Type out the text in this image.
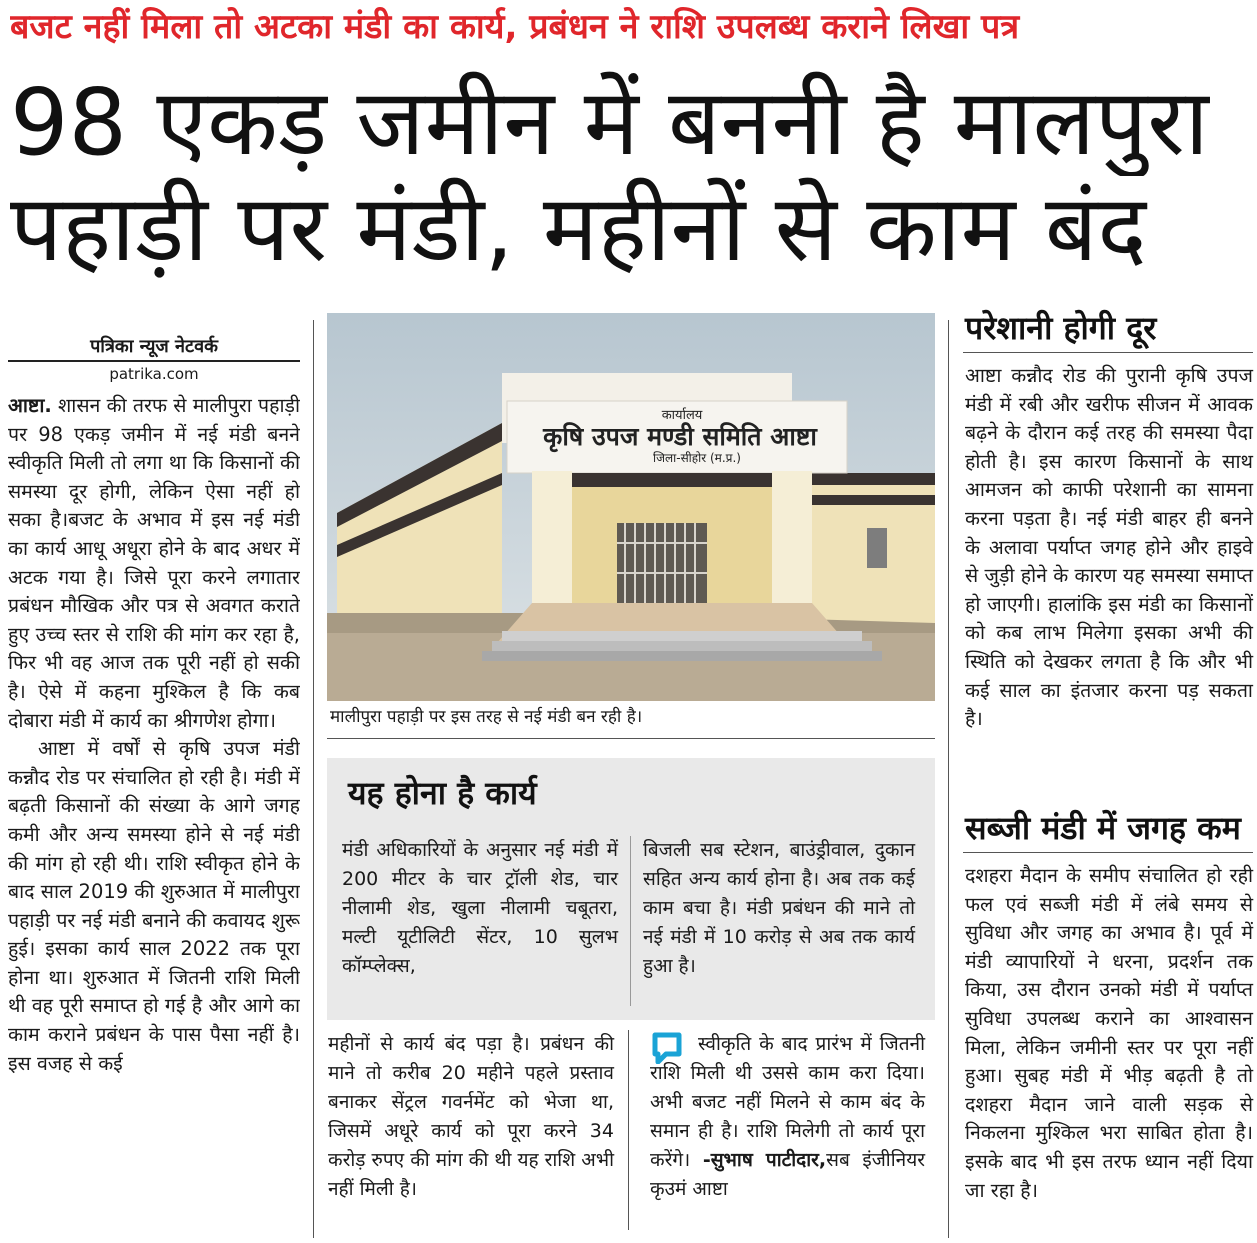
बजट नहीं मिला तो अटका मंडी का कार्य, प्रबंधन ने राशि उपलब्ध कराने लिखा पत्र
98 एकड़ जमीन में बननी है मालपुरा
पहाड़ी पर मंडी, महीनों से काम बंद
पत्रिका न्यूज नेटवर्क
patrika.com

आष्टा. शासन की तरफ से मालीपुरा पहाड़ी पर 98 एकड़ जमीन में नई मंडी बनने स्वीकृति मिली तो लगा था कि किसानों की समस्या दूर होगी, लेकिन ऐसा नहीं हो सका है।बजट के अभाव में इस नई मंडी का कार्य आधू अधूरा होने के बाद अधर में अटक गया है। जिसे पूरा करने लगातार प्रबंधन मौखिक और पत्र से अवगत कराते हुए उच्च स्तर से राशि की मांग कर रहा है, फिर भी वह आज तक पूरी नहीं हो सकी है। ऐसे में कहना मुश्किल है कि कब दोबारा मंडी में कार्य का श्रीगणेश होगा।

आष्टा में वर्षों से कृषि उपज मंडी कन्नौद रोड पर संचालित हो रही है। मंडी में बढ़ती किसानों की संख्या के आगे जगह कमी और अन्य समस्या होने से नई मंडी की मांग हो रही थी। राशि स्वीकृत होने के बाद साल 2019 की शुरुआत में मालीपुरा पहाड़ी पर नई मंडी बनाने की कवायद शुरू हुई। इसका कार्य साल 2022 तक पूरा होना था। शुरुआत में जितनी राशि मिली थी वह पूरी समाप्त हो गई है और आगे का काम कराने प्रबंधन के पास पैसा नहीं है। इस वजह से कई

कार्यालय
कृषि उपज मण्डी समिति आष्टा
जिला-सीहोर (म.प्र.)
मालीपुरा पहाड़ी पर इस तरह से नई मंडी बन रही है।
यह होना है कार्य
मंडी अधिकारियों के अनुसार नई मंडी में 200 मीटर के चार ट्रॉली शेड, चार नीलामी शेड, खुला नीलामी चबूतरा, मल्टी यूटीलिटी सेंटर, 10 सुलभ कॉम्प्लेक्स,
बिजली सब स्टेशन, बाउंड्रीवाल, दुकान सहित अन्य कार्य होना है। अब तक कई काम बचा है। मंडी प्रबंधन की माने तो नई मंडी में 10 करोड़ से अब तक कार्य हुआ है।
महीनों से कार्य बंद पड़ा है। प्रबंधन की माने तो करीब 20 महीने पहले प्रस्ताव बनाकर सेंट्रल गवर्नमेंट को भेजा था, जिसमें अधूरे कार्य को पूरा करने 34 करोड़ रुपए की मांग की थी यह राशि अभी नहीं मिली है।
स्वीकृति के बाद प्रारंभ में जितनी राशि मिली थी उससे काम करा दिया। अभी बजट नहीं मिलने से काम बंद के समान ही है। राशि मिलेगी तो कार्य पूरा करेंगे। -सुभाष पाटीदार,सब इंजीनियर कृउमं आष्टा
परेशानी होगी दूर
आष्टा कन्नौद रोड की पुरानी कृषि उपज मंडी में रबी और खरीफ सीजन में आवक बढ़ने के दौरान कई तरह की समस्या पैदा होती है। इस कारण किसानों के साथ आमजन को काफी परेशानी का सामना करना पड़ता है। नई मंडी बाहर ही बनने के अलावा पर्याप्त जगह होने और हाइवे से जुड़ी होने के कारण यह समस्या समाप्त हो जाएगी। हालांकि इस मंडी का किसानों को कब लाभ मिलेगा इसका अभी की स्थिति को देखकर लगता है कि और भी कई साल का इंतजार करना पड़ सकता है।
सब्जी मंडी में जगह कम
दशहरा मैदान के समीप संचालित हो रही फल एवं सब्जी मंडी में लंबे समय से सुविधा और जगह का अभाव है। पूर्व में मंडी व्यापारियों ने धरना, प्रदर्शन तक किया, उस दौरान उनको मंडी में पर्याप्त सुविधा उपलब्ध कराने का आश्वासन मिला, लेकिन जमीनी स्तर पर पूरा नहीं हुआ। सुबह मंडी में भीड़ बढ़ती है तो दशहरा मैदान जाने वाली सड़क से निकलना मुश्किल भरा साबित होता है। इसके बाद भी इस तरफ ध्यान नहीं दिया जा रहा है।
